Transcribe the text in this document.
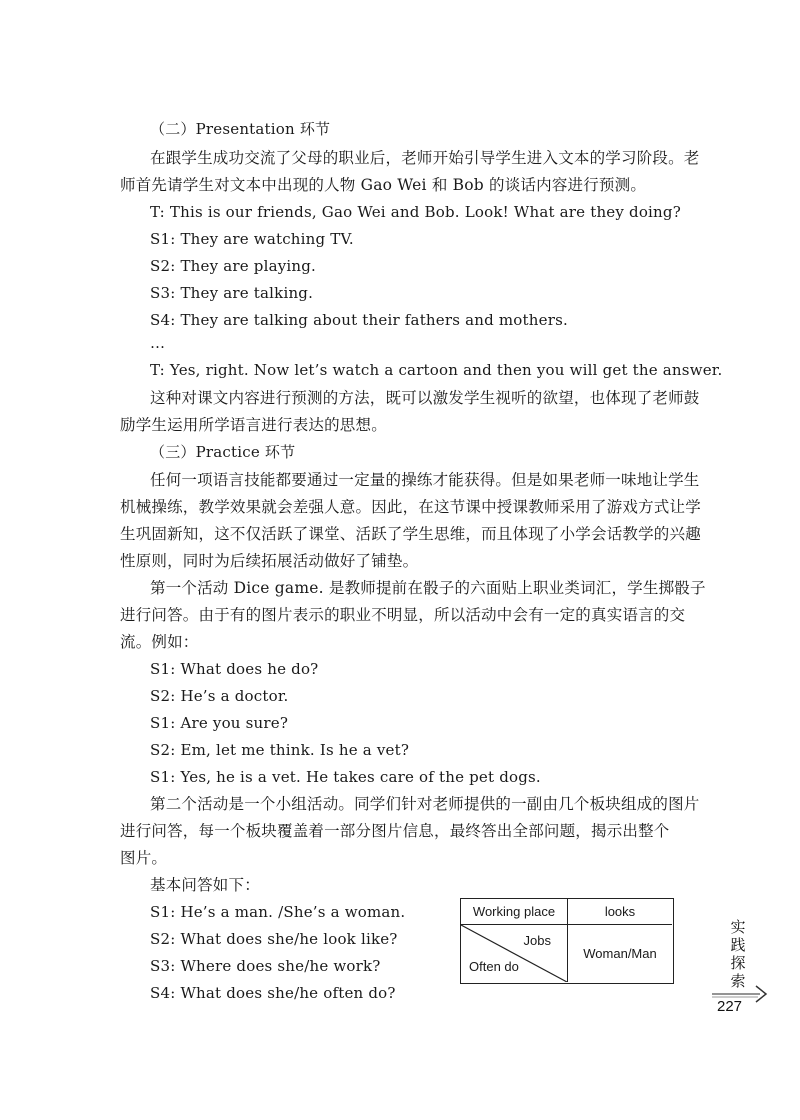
（二）Presentation 环节
在跟学生成功交流了父母的职业后，老师开始引导学生进入文本的学习阶段。老
师首先请学生对文本中出现的人物 Gao Wei 和 Bob 的谈话内容进行预测。
T: This is our friends, Gao Wei and Bob. Look! What are they doing?
S1: They are watching TV.
S2: They are playing.
S3: They are talking.
S4: They are talking about their fathers and mothers.
…
T: Yes, right. Now let’s watch a cartoon and then you will get the answer.
这种对课文内容进行预测的方法，既可以激发学生视听的欲望，也体现了老师鼓
励学生运用所学语言进行表达的思想。
（三）Practice 环节
任何一项语言技能都要通过一定量的操练才能获得。但是如果老师一味地让学生
机械操练，教学效果就会差强人意。因此，在这节课中授课教师采用了游戏方式让学
生巩固新知，这不仅活跃了课堂、活跃了学生思维，而且体现了小学会话教学的兴趣
性原则，同时为后续拓展活动做好了铺垫。
第一个活动 Dice game. 是教师提前在骰子的六面贴上职业类词汇，学生掷骰子
进行问答。由于有的图片表示的职业不明显，所以活动中会有一定的真实语言的交
流。例如：
S1: What does he do?
S2: He’s a doctor.
S1: Are you sure?
S2: Em, let me think. Is he a vet?
S1: Yes, he is a vet. He takes care of the pet dogs.
第二个活动是一个小组活动。同学们针对老师提供的一副由几个板块组成的图片
进行问答，每一个板块覆盖着一部分图片信息，最终答出全部问题，揭示出整个
图片。
基本问答如下：
S1: He’s a man. /She’s a woman.
S2: What does she/he look like?
S3: Where does she/he work?
S4: What does she/he often do?
Working place	looks
Jobs
Often do
Woman/Man
实
践
探
索
227
